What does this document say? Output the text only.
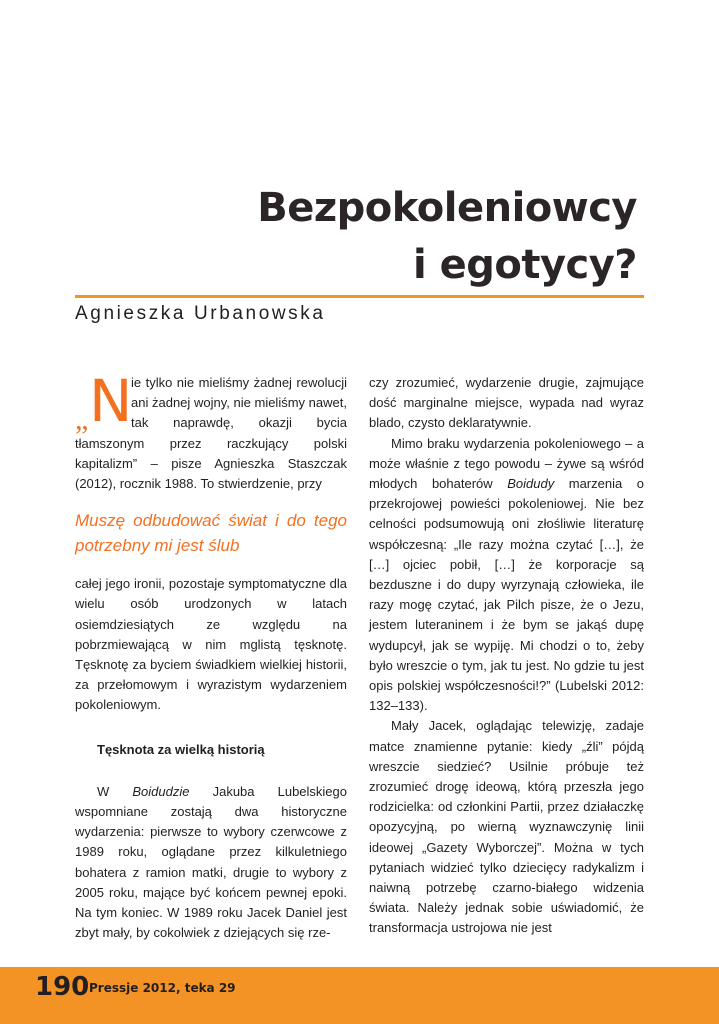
Bezpokoleniowcy
i egotycy?
Agnieszka Urbanowska

„ N
ie tylko nie mieliśmy żadnej rewolucji ani żadnej wojny, nie mieliśmy nawet, tak naprawdę, okazji bycia tłamszonym przez raczkujący polski kapitalizm” – pisze Agnieszka Staszczak (2012), rocznik 1988. To stwierdzenie, przy

Muszę odbudować świat i do tego potrzebny mi jest ślub

całej jego ironii, pozostaje symptomatyczne dla wielu osób urodzonych w latach osiemdziesiątych ze względu na pobrzmiewającą w nim mglistą tęsknotę. Tęsknotę za byciem świadkiem wielkiej historii, za przełomowym i wyrazistym wydarzeniem pokoleniowym.

Tęsknota za wielką historią

W Boidudzie Jakuba Lubelskiego wspomniane zostają dwa historyczne wydarzenia: pierwsze to wybory czerwcowe z 1989 roku, oglądane przez kilkuletniego bohatera z ramion matki, drugie to wybory z 2005 roku, mające być końcem pewnej epoki. Na tym koniec. W 1989 roku Jacek Daniel jest zbyt mały, by cokolwiek z dziejących się rze-

czy zrozumieć, wydarzenie drugie, zajmujące dość marginalne miejsce, wypada nad wyraz blado, czysto deklaratywnie.

Mimo braku wydarzenia pokoleniowego – a może właśnie z tego powodu – żywe są wśród młodych bohaterów Boidudy marzenia o przekrojowej powieści pokoleniowej. Nie bez celności podsumowują oni złośliwie literaturę współczesną: „Ile razy można czytać […], że […] ojciec pobił, […] że korporacje są bezduszne i do dupy wyrzynają człowieka, ile razy mogę czytać, jak Pilch pisze, że o Jezu, jestem luteraninem i że bym se jakąś dupę wydupcył, jak se wypiję. Mi chodzi o to, żeby było wreszcie o tym, jak tu jest. No gdzie tu jest opis polskiej współczesności!?” (Lubelski 2012: 132–133).

Mały Jacek, oglądając telewizję, zadaje matce znamienne pytanie: kiedy „źli” pójdą wreszcie siedzieć? Usilnie próbuje też zrozumieć drogę ideową, którą przeszła jego rodzicielka: od członkini Partii, przez działaczkę opozycyjną, po wierną wyznawczynię linii ideowej „Gazety Wyborczej”. Można w tych pytaniach widzieć tylko dziecięcy radykalizm i naiwną potrzebę czarno-białego widzenia świata. Należy jednak sobie uświadomić, że transformacja ustrojowa nie jest

190 Pressje 2012, teka 29
